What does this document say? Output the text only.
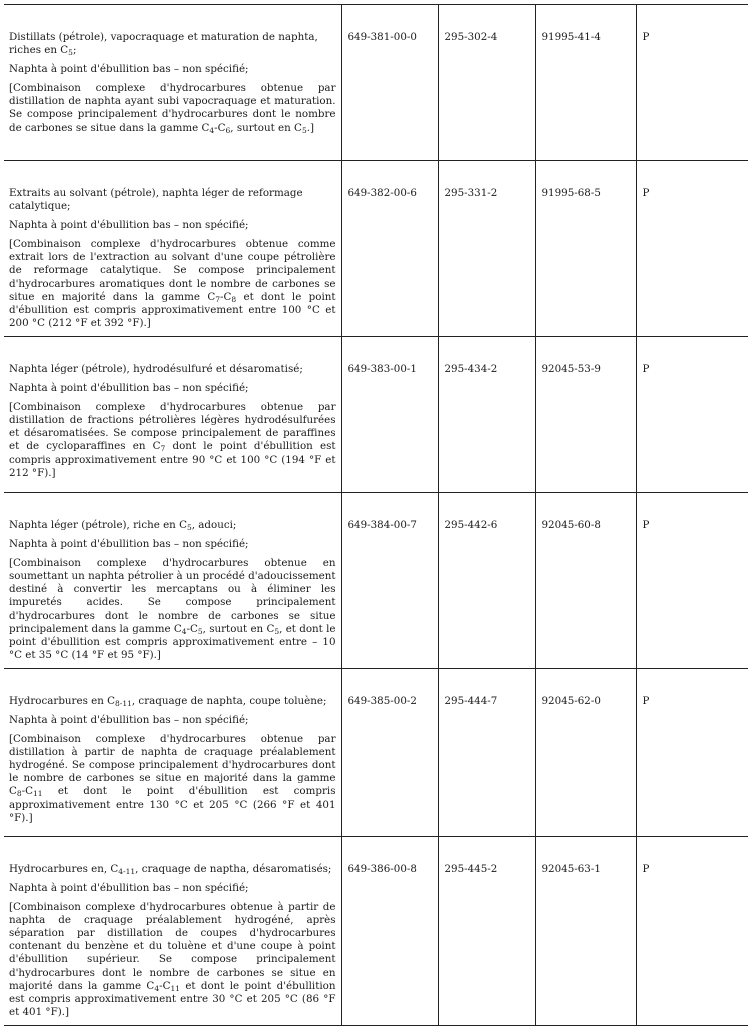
Distillats (pétrole), vapocraquage et maturation de naphta, riches en $C_5$;

Naphta à point d'ébullition bas – non spécifié;

[Combinaison complexe d'hydrocarbures obtenue par distillation de naphta ayant subi vapocraquage et maturation. Se compose principalement d'hydrocarbures dont le nombre de carbones se situe dans la gamme $C_4-C_6$, surtout en $C_5$.]	649-381-00-0	295-302-4	91995-41-4	P

Extraits au solvant (pétrole), naphta léger de reformage catalytique;

Naphta à point d'ébullition bas – non spécifié;

[Combinaison complexe d'hydrocarbures obtenue comme extrait lors de l'extraction au solvant d'une coupe pétrolière de reformage catalytique. Se compose principalement d'hydrocarbures aromatiques dont le nombre de carbones se situe en majorité dans la gamme $C_7-C_8$ et dont le point d'ébullition est compris approximativement entre 100 °C et 200 °C (212 °F et 392 °F).]	649-382-00-6	295-331-2	91995-68-5	P

Naphta léger (pétrole), hydrodésulfuré et désaromatisé;

Naphta à point d'ébullition bas – non spécifié;

[Combinaison complexe d'hydrocarbures obtenue par distillation de fractions pétrolières légères hydrodésulfurées et désaromatisées. Se compose principalement de paraffines et de cycloparaffines en $C_7$ dont le point d'ébullition est compris approximativement entre 90 °C et 100 °C (194 °F et 212 °F).]	649-383-00-1	295-434-2	92045-53-9	P

Naphta léger (pétrole), riche en $C_5$, adouci;

Naphta à point d'ébullition bas – non spécifié;

[Combinaison complexe d'hydrocarbures obtenue en soumettant un naphta pétrolier à un procédé d'adoucissement destiné à convertir les mercaptans ou à éliminer les impuretés acides. Se compose principalement d'hydrocarbures dont le nombre de carbones se situe principalement dans la gamme $C_4-C_5$, surtout en $C_5$, et dont le point d'ébullition est compris approximativement entre – 10 °C et 35 °C (14 °F et 95 °F).]	649-384-00-7	295-442-6	92045-60-8	P

Hydrocarbures en $C_{8-11}$, craquage de naphta, coupe toluène;

Naphta à point d'ébullition bas – non spécifié;

[Combinaison complexe d'hydrocarbures obtenue par distillation à partir de naphta de craquage préalablement hydrogéné. Se compose principalement d'hydrocarbures dont le nombre de carbones se situe en majorité dans la gamme $C_8-C_{11}$ et dont le point d'ébullition est compris approximativement entre 130 °C et 205 °C (266 °F et 401 °F).]	649-385-00-2	295-444-7	92045-62-0	P

Hydrocarbures en, $C_{4-11}$, craquage de naptha, désaromatisés;

Naphta à point d'ébullition bas – non spécifié;

[Combinaison complexe d'hydrocarbures obtenue à partir de naphta de craquage préalablement hydrogéné, après séparation par distillation de coupes d'hydrocarbures contenant du benzène et du toluène et d'une coupe à point d'ébullition supérieur. Se compose principalement d'hydrocarbures dont le nombre de carbones se situe en majorité dans la gamme $C_4-C_{11}$ et dont le point d'ébullition est compris approximativement entre 30 °C et 205 °C (86 °F et 401 °F).]	649-386-00-8	295-445-2	92045-63-1	P
